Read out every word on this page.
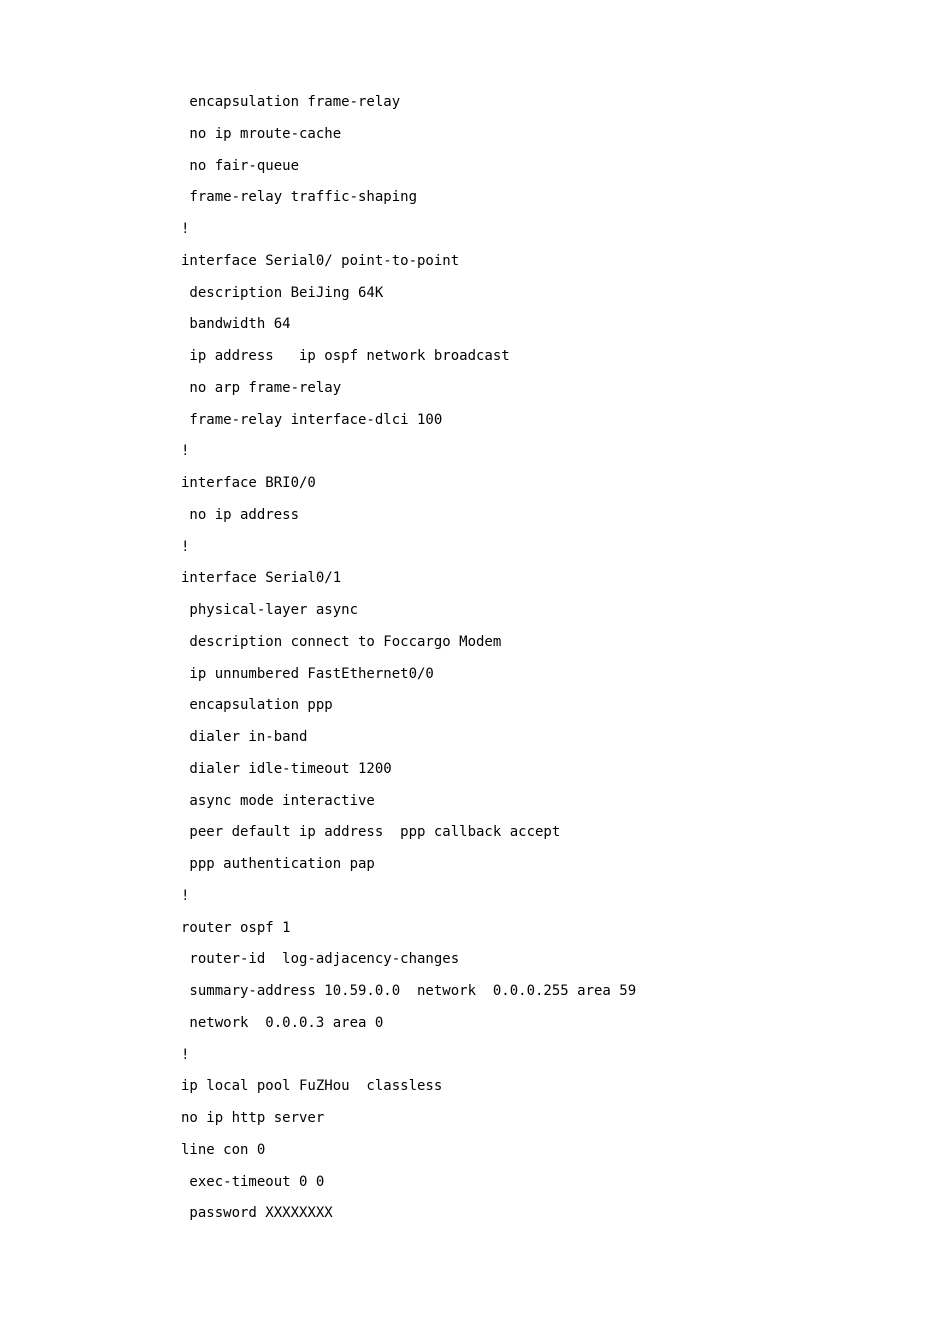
encapsulation frame-relay
no ip mroute-cache
no fair-queue
frame-relay traffic-shaping
!
interface Serial0/ point-to-point
description BeiJing 64K
bandwidth 64
ip address   ip ospf network broadcast
no arp frame-relay
frame-relay interface-dlci 100
!
interface BRI0/0
no ip address
!
interface Serial0/1
physical-layer async
description connect to Foccargo Modem
ip unnumbered FastEthernet0/0
encapsulation ppp
dialer in-band
dialer idle-timeout 1200
async mode interactive
peer default ip address  ppp callback accept
ppp authentication pap
!
router ospf 1
router-id  log-adjacency-changes
summary-address 10.59.0.0  network  0.0.0.255 area 59
network  0.0.0.3 area 0
!
ip local pool FuZHou  classless
no ip http server
line con 0
exec-timeout 0 0
password XXXXXXXX
